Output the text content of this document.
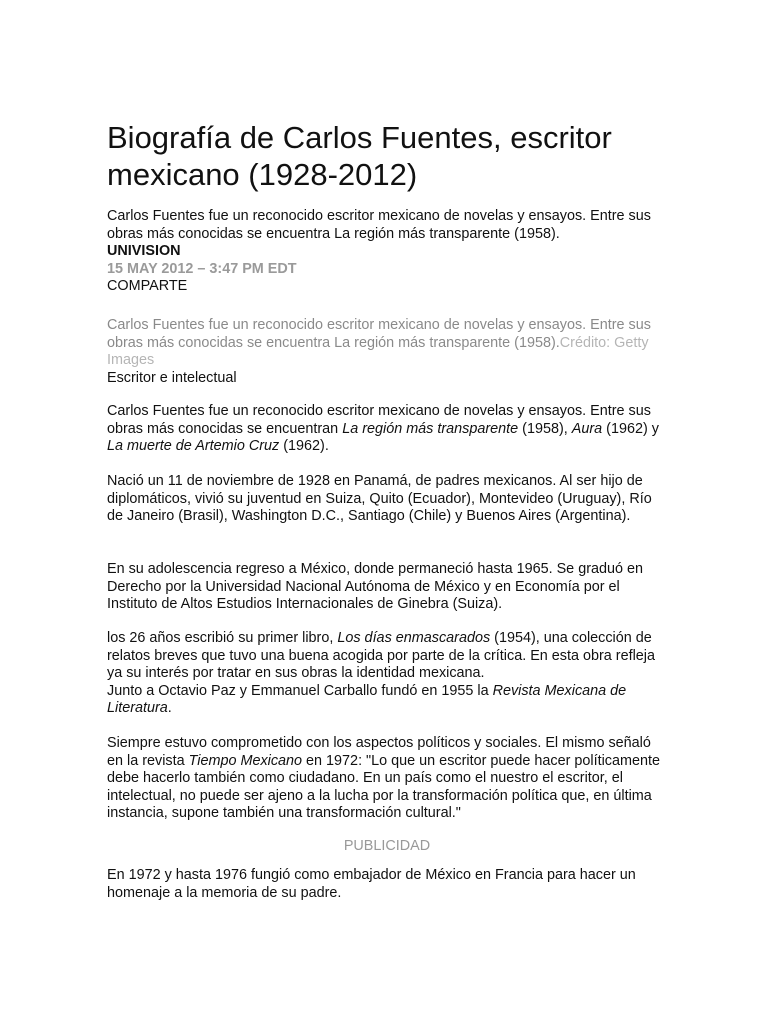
Biografía de Carlos Fuentes, escritor mexicano (1928-2012)

Carlos Fuentes fue un reconocido escritor mexicano de novelas y ensayos. Entre sus obras más conocidas se encuentra La región más transparente (1958).

UNIVISION

15 MAY 2012 – 3:47 PM EDT

COMPARTE

Carlos Fuentes fue un reconocido escritor mexicano de novelas y ensayos. Entre sus obras más conocidas se encuentra La región más transparente (1958).Crédito: Getty Images

Escritor e intelectual

Carlos Fuentes fue un reconocido escritor mexicano de novelas y ensayos. Entre sus obras más conocidas se encuentran La región más transparente (1958), Aura (1962) y La muerte de Artemio Cruz (1962).

Nació un 11 de noviembre de 1928 en Panamá, de padres mexicanos. Al ser hijo de diplomáticos, vivió su juventud en Suiza, Quito (Ecuador), Montevideo (Uruguay), Río de Janeiro (Brasil), Washington D.C., Santiago (Chile) y Buenos Aires (Argentina).

En su adolescencia regreso a México, donde permaneció hasta 1965. Se graduó en Derecho por la Universidad Nacional Autónoma de México y en Economía por el Instituto de Altos Estudios Internacionales de Ginebra (Suiza).

los 26 años escribió su primer libro, Los días enmascarados (1954), una colección de relatos breves que tuvo una buena acogida por parte de la crítica. En esta obra refleja ya su interés por tratar en sus obras la identidad mexicana.

Junto a Octavio Paz y Emmanuel Carballo fundó en 1955 la Revista Mexicana de Literatura.

Siempre estuvo comprometido con los aspectos políticos y sociales. El mismo señaló en la revista Tiempo Mexicano en 1972: "Lo que un escritor puede hacer políticamente debe hacerlo también como ciudadano. En un país como el nuestro el escritor, el intelectual, no puede ser ajeno a la lucha por la transformación política que, en última instancia, supone también una transformación cultural."

PUBLICIDAD

En 1972 y hasta 1976 fungió como embajador de México en Francia para hacer un homenaje a la memoria de su padre.
